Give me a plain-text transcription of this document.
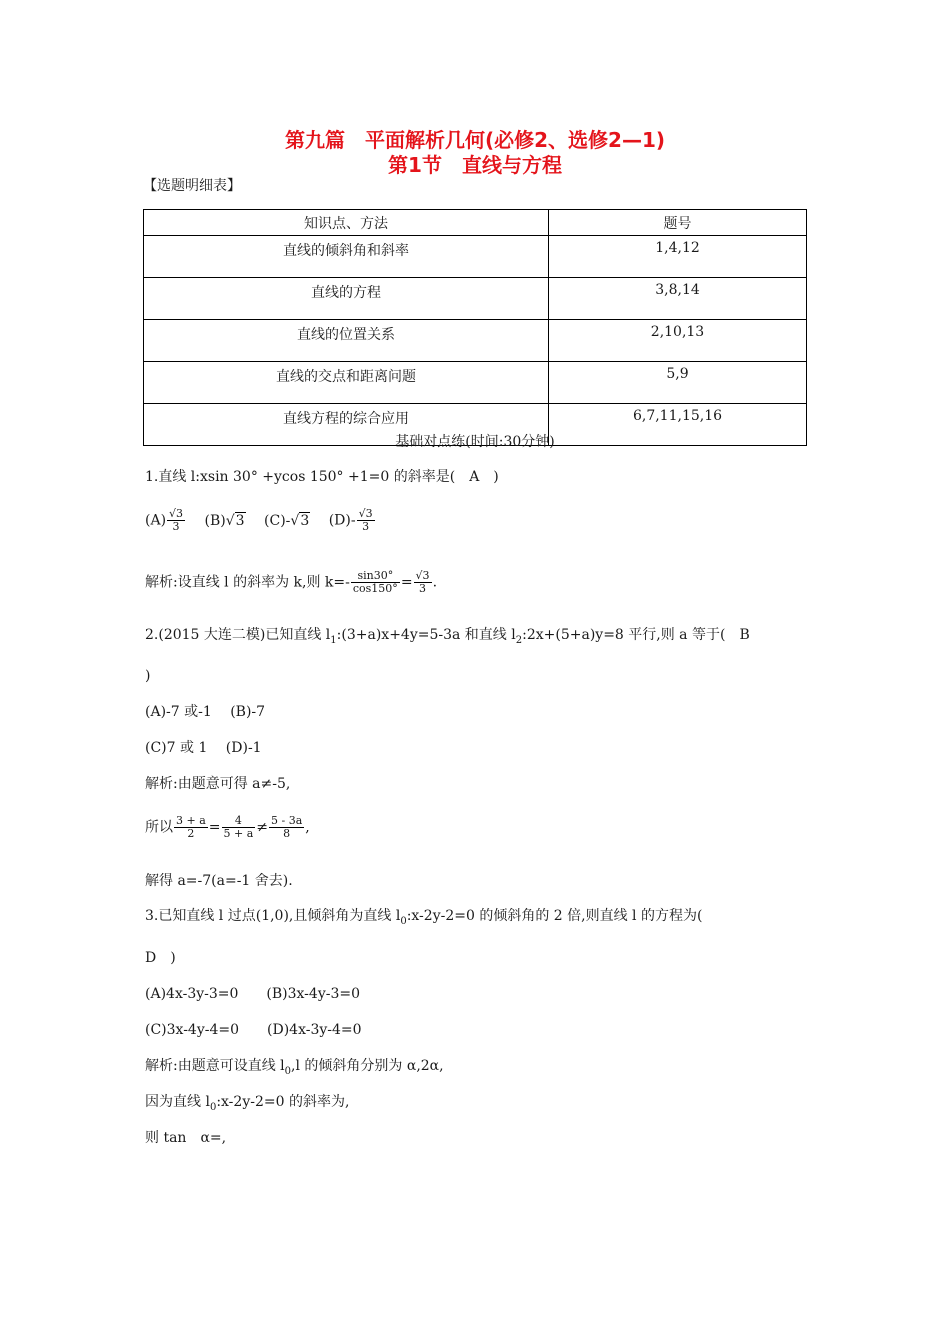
第九篇　平面解析几何(必修2、选修2—1)
第1节　直线与方程
【选题明细表】
知识点、方法	题号
直线的倾斜角和斜率	1,4,12
直线的方程	3,8,14
直线的位置关系	2,10,13
直线的交点和距离问题	5,9
直线方程的综合应用	6,7,11,15,16
基础对点练(时间:30分钟)
1.直线 l:xsin 30° +ycos 150° +1=0 的斜率是(　A　)
$(A) \frac{√3}{3} (B)√3$ (C)-√3 $(D)- \frac{√3}{3}$
解析:设直线 l 的斜率为 k,则 $k=- \frac{\sin 30^\circ}{\cos 150^\circ} = \frac{√3}{3}$ .
2.(2015 大连二模)已知直线 $l_1:(3+a)x+4y=5-3a$ 和直线 $l_2:2x+(5+a)y=8$ 平行,则 a 等于(　B
)
(A)-7 或-1　 (B)-7
(C)7 或 1　 (D)-1
解析:由题意可得 a≠-5,
所以 $\frac{3 + a}{2} = \frac{4}{5 + a} \ne \frac{5 - 3a}{8}$ ,
解得 a=-7(a=-1 舍去).
3.已知直线 l 过点(1,0),且倾斜角为直线 $l_0:x-2y-2=0$ 的倾斜角的 2 倍,则直线 l 的方程为(
D　)
(A)4x-3y-3=0　　(B)3x-4y-3=0
(C)3x-4y-4=0　　(D)4x-3y-4=0
解析:由题意可设直线 $l_0,l$ 的倾斜角分别为 α,2α,
因为直线 $l_0:x-2y-2=0$ 的斜率为,
则 tan　α=,
